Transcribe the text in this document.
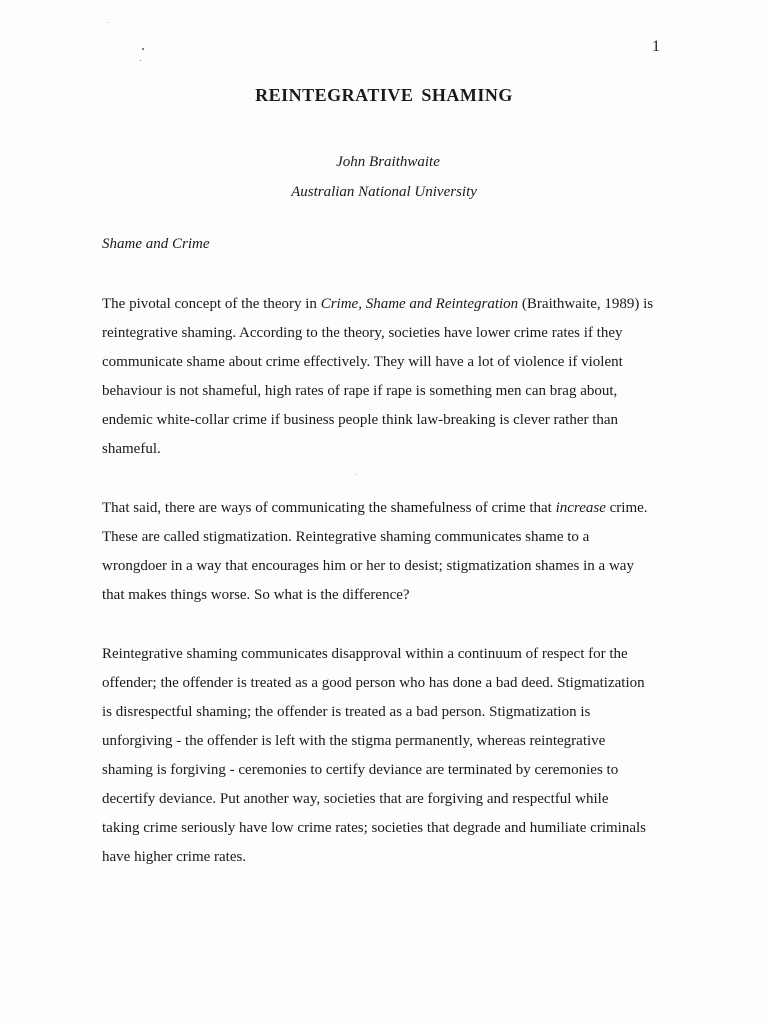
1
REINTEGRATIVE SHAMING
John Braithwaite
Australian National University
Shame and Crime

The pivotal concept of the theory in Crime, Shame and Reintegration (Braithwaite, 1989) is
reintegrative shaming. According to the theory, societies have lower crime rates if they
communicate shame about crime effectively. They will have a lot of violence if violent
behaviour is not shameful, high rates of rape if rape is something men can brag about,
endemic white-collar crime if business people think law-breaking is clever rather than
shameful.

That said, there are ways of communicating the shamefulness of crime that increase crime.
These are called stigmatization. Reintegrative shaming communicates shame to a
wrongdoer in a way that encourages him or her to desist; stigmatization shames in a way
that makes things worse. So what is the difference?

Reintegrative shaming communicates disapproval within a continuum of respect for the
offender; the offender is treated as a good person who has done a bad deed. Stigmatization
is disrespectful shaming; the offender is treated as a bad person. Stigmatization is
unforgiving - the offender is left with the stigma permanently, whereas reintegrative
shaming is forgiving - ceremonies to certify deviance are terminated by ceremonies to
decertify deviance. Put another way, societies that are forgiving and respectful while
taking crime seriously have low crime rates; societies that degrade and humiliate criminals
have higher crime rates.
